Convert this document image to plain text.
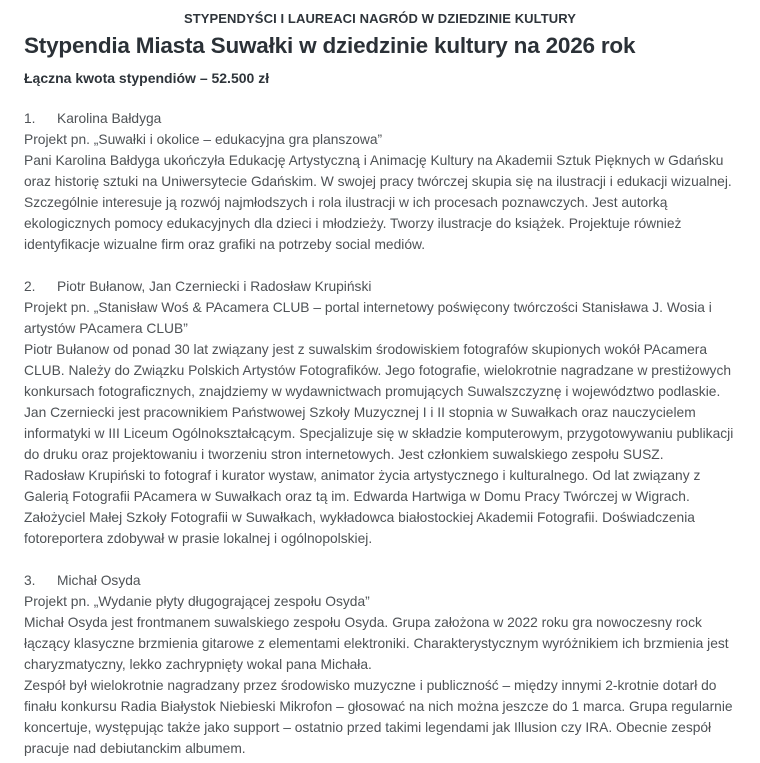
STYPENDYŚCI I LAUREACI NAGRÓD W DZIEDZINIE KULTURY
Stypendia Miasta Suwałki w dziedzinie kultury na 2026 rok

Łączna kwota stypendiów – 52.500 zł

1. Karolina Bałdyga

Projekt pn. „Suwałki i okolice – edukacyjna gra planszowa”

Pani Karolina Bałdyga ukończyła Edukację Artystyczną i Animację Kultury na Akademii Sztuk Pięknych w Gdańsku oraz historię sztuki na Uniwersytecie Gdańskim. W swojej pracy twórczej skupia się na ilustracji i edukacji wizualnej. Szczególnie interesuje ją rozwój najmłodszych i rola ilustracji w ich procesach poznawczych. Jest autorką ekologicznych pomocy edukacyjnych dla dzieci i młodzieży. Tworzy ilustracje do książek. Projektuje również identyfikacje wizualne firm oraz grafiki na potrzeby social mediów.

2. Piotr Bułanow, Jan Czerniecki i Radosław Krupiński

Projekt pn. „Stanisław Woś & PAcamera CLUB – portal internetowy poświęcony twórczości Stanisława J. Wosia i artystów PAcamera CLUB”

Piotr Bułanow od ponad 30 lat związany jest z suwalskim środowiskiem fotografów skupionych wokół PAcamera CLUB. Należy do Związku Polskich Artystów Fotografików. Jego fotografie, wielokrotnie nagradzane w prestiżowych konkursach fotograficznych, znajdziemy w wydawnictwach promujących Suwalszczyznę i województwo podlaskie.

Jan Czerniecki jest pracownikiem Państwowej Szkoły Muzycznej I i II stopnia w Suwałkach oraz nauczycielem informatyki w III Liceum Ogólnokształcącym. Specjalizuje się w składzie komputerowym, przygotowywaniu publikacji do druku oraz projektowaniu i tworzeniu stron internetowych. Jest członkiem suwalskiego zespołu SUSZ.

Radosław Krupiński to fotograf i kurator wystaw, animator życia artystycznego i kulturalnego. Od lat związany z Galerią Fotografii PAcamera w Suwałkach oraz tą im. Edwarda Hartwiga w Domu Pracy Twórczej w Wigrach. Założyciel Małej Szkoły Fotografii w Suwałkach, wykładowca białostockiej Akademii Fotografii. Doświadczenia fotoreportera zdobywał w prasie lokalnej i ogólnopolskiej.

3. Michał Osyda

Projekt pn. „Wydanie płyty długogrającej zespołu Osyda”

Michał Osyda jest frontmanem suwalskiego zespołu Osyda. Grupa założona w 2022 roku gra nowoczesny rock łączący klasyczne brzmienia gitarowe z elementami elektroniki. Charakterystycznym wyróżnikiem ich brzmienia jest charyzmatyczny, lekko zachrypnięty wokal pana Michała.

Zespół był wielokrotnie nagradzany przez środowisko muzyczne i publiczność – między innymi 2-krotnie dotarł do finału konkursu Radia Białystok Niebieski Mikrofon – głosować na nich można jeszcze do 1 marca. Grupa regularnie koncertuje, występując także jako support – ostatnio przed takimi legendami jak Illusion czy IRA. Obecnie zespół pracuje nad debiutanckim albumem.
